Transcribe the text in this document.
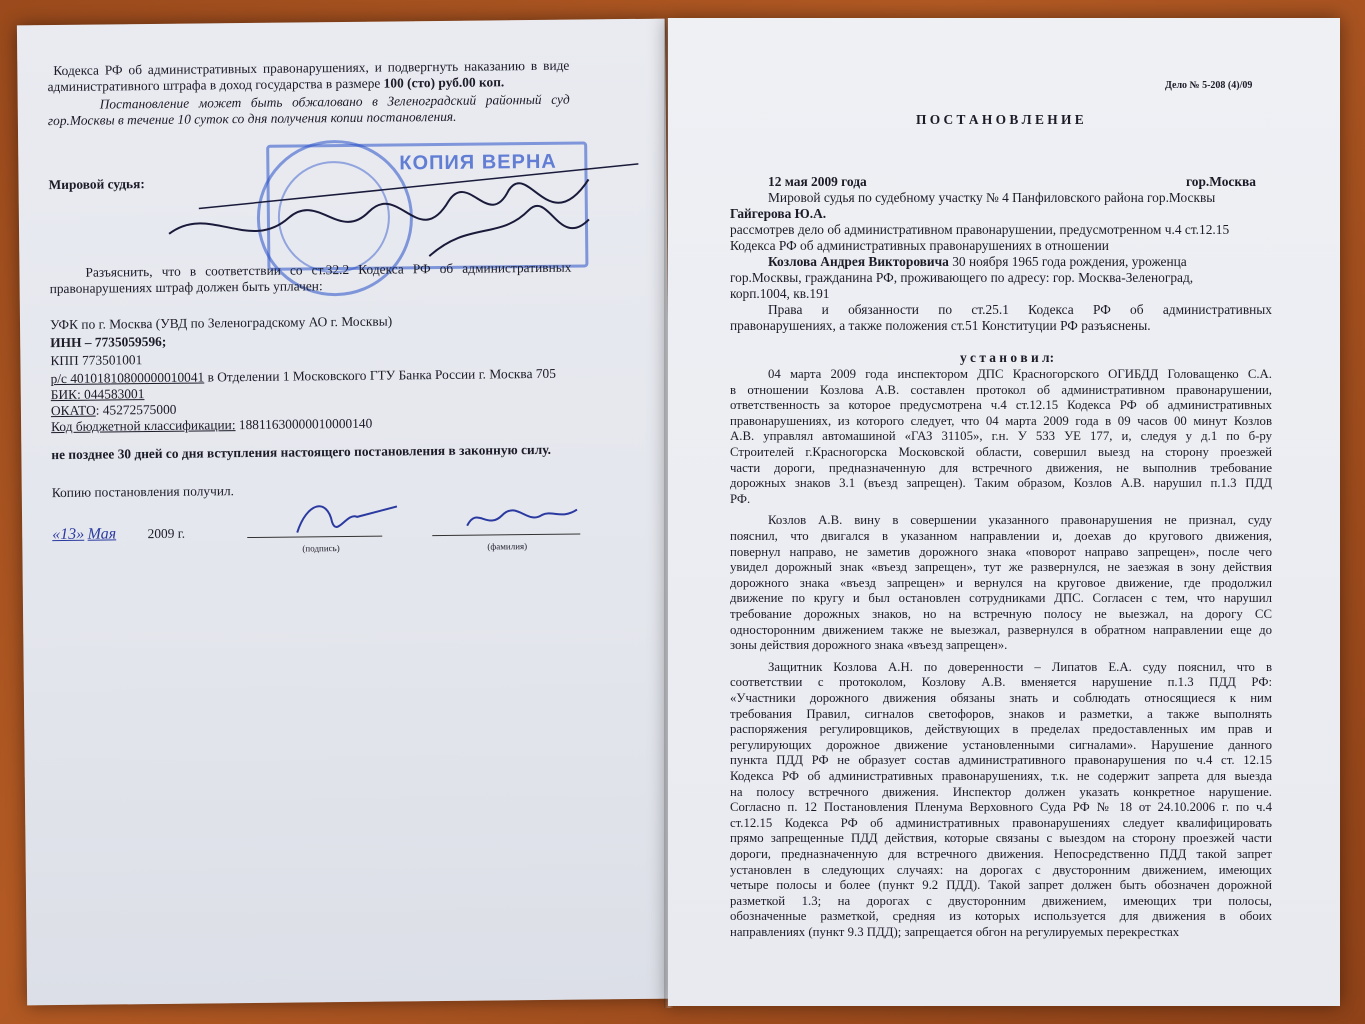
Кодекса РФ об административных правонарушениях, и подвергнуть наказанию в виде
административного штрафа в доход государства в размере 100 (сто) руб.00 коп.
Постановление может быть обжаловано в Зеленоградский районный суд
гор.Москвы в течение 10 суток со дня получения копии постановления.
Мировой судья:
КОПИЯ ВЕРНА
Разъяснить, что в соответствии со ст.32.2 Кодекса РФ об административных
правонарушениях штраф должен быть уплачен:
УФК по г. Москва (УВД по Зеленоградскому АО г. Москвы)
ИНН – 7735059596;
КПП 773501001
р/с 40101810800000010041 в Отделении 1 Московского ГТУ Банка России г. Москва 705
БИК: 044583001
ОКАТО: 45272575000
Код бюджетной классификации: 18811630000010000140
не позднее 30 дней со дня вступления настоящего постановления в законную силу.
Копию постановления получил.
«13» Мая 2009 г.
(подпись)	(фамилия)
Дело № 5-208 (4)/09
П О С Т А Н О В Л Е Н И Е
12 мая 2009 года	гор.Москва
Мировой судья по судебному участку № 4 Панфиловского района гор.Москвы
Гайгерова Ю.А.
рассмотрев дело об административном правонарушении, предусмотренном ч.4 ст.12.15
Кодекса РФ об административных правонарушениях в отношении
Козлова Андрея Викторовича 30 ноября 1965 года рождения, уроженца
гор.Москвы, гражданина РФ, проживающего по адресу: гор. Москва-Зеленоград,
корп.1004, кв.191
Права и обязанности по ст.25.1 Кодекса РФ об административных
правонарушениях, а также положения ст.51 Конституции РФ разъяснены.
у с т а н о в и л:
04 марта 2009 года инспектором ДПС Красногорского ОГИБДД Головащенко С.А.
в отношении Козлова А.В. составлен протокол об административном правонарушении,
ответственность за которое предусмотрена ч.4 ст.12.15 Кодекса РФ об административных
правонарушениях, из которого следует, что 04 марта 2009 года в 09 часов 00 минут Козлов
А.В. управлял автомашиной «ГАЗ 31105», г.н. У 533 УЕ 177, и, следуя у д.1 по б-ру
Строителей г.Красногорска Московской области, совершил выезд на сторону проезжей
части дороги, предназначенную для встречного движения, не выполнив требование
дорожных знаков 3.1 (въезд запрещен). Таким образом, Козлов А.В. нарушил п.1.3 ПДД
РФ.
Козлов А.В. вину в совершении указанного правонарушения не признал, суду
пояснил, что двигался в указанном направлении и, доехав до кругового движения,
повернул направо, не заметив дорожного знака «поворот направо запрещен», после чего
увидел дорожный знак «въезд запрещен», тут же развернулся, не заезжая в зону действия
дорожного знака «въезд запрещен» и вернулся на круговое движение, где продолжил
движение по кругу и был остановлен сотрудниками ДПС. Согласен с тем, что нарушил
требование дорожных знаков, но на встречную полосу не выезжал, на дорогу СС
односторонним движением также не выезжал, развернулся в обратном направлении еще до
зоны действия дорожного знака «въезд запрещен».
Защитник Козлова А.Н. по доверенности – Липатов Е.А. суду пояснил, что в
соответствии с протоколом, Козлову А.В. вменяется нарушение п.1.3 ПДД РФ:
«Участники дорожного движения обязаны знать и соблюдать относящиеся к ним
требования Правил, сигналов светофоров, знаков и разметки, а также выполнять
распоряжения регулировщиков, действующих в пределах предоставленных им прав и
регулирующих дорожное движение установленными сигналами». Нарушение данного
пункта ПДД РФ не образует состав административного правонарушения по ч.4 ст. 12.15
Кодекса РФ об административных правонарушениях, т.к. не содержит запрета для выезда
на полосу встречного движения. Инспектор должен указать конкретное нарушение.
Согласно п. 12 Постановления Пленума Верховного Суда РФ № 18 от 24.10.2006 г. по ч.4
ст.12.15 Кодекса РФ об административных правонарушениях следует квалифицировать
прямо запрещенные ПДД действия, которые связаны с выездом на сторону проезжей части
дороги, предназначенную для встречного движения. Непосредственно ПДД такой запрет
установлен в следующих случаях: на дорогах с двусторонним движением, имеющих
четыре полосы и более (пункт 9.2 ПДД). Такой запрет должен быть обозначен дорожной
разметкой 1.3; на дорогах с двусторонним движением, имеющих три полосы,
обозначенные разметкой, средняя из которых используется для движения в обоих
направлениях (пункт 9.3 ПДД); запрещается обгон на регулируемых перекрестках
